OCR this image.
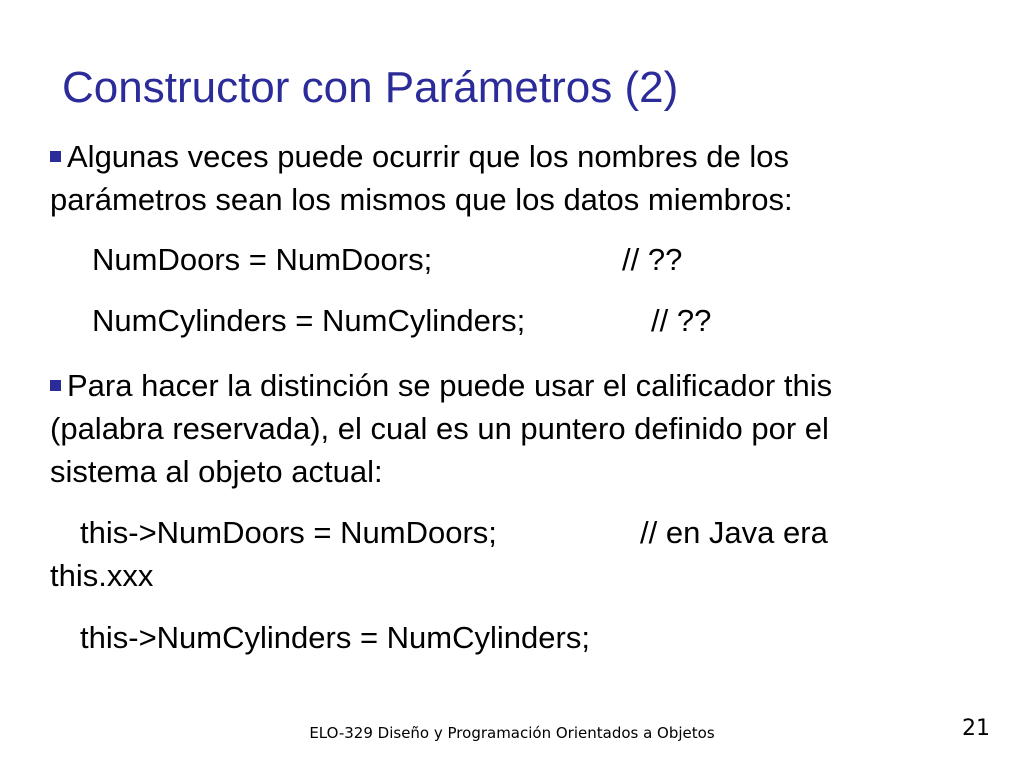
Constructor con Parámetros (2)
Algunas veces puede ocurrir que los nombres de los
parámetros sean los mismos que los datos miembros:
NumDoors = NumDoors;	// ??
NumCylinders = NumCylinders;	// ??
Para hacer la distinción se puede usar el calificador this
(palabra reservada), el cual es un puntero definido por el
sistema al objeto actual:
this->NumDoors = NumDoors;	// en Java era
this.xxx
this->NumCylinders = NumCylinders;
ELO-329 Diseño y Programación Orientados a Objetos	21
